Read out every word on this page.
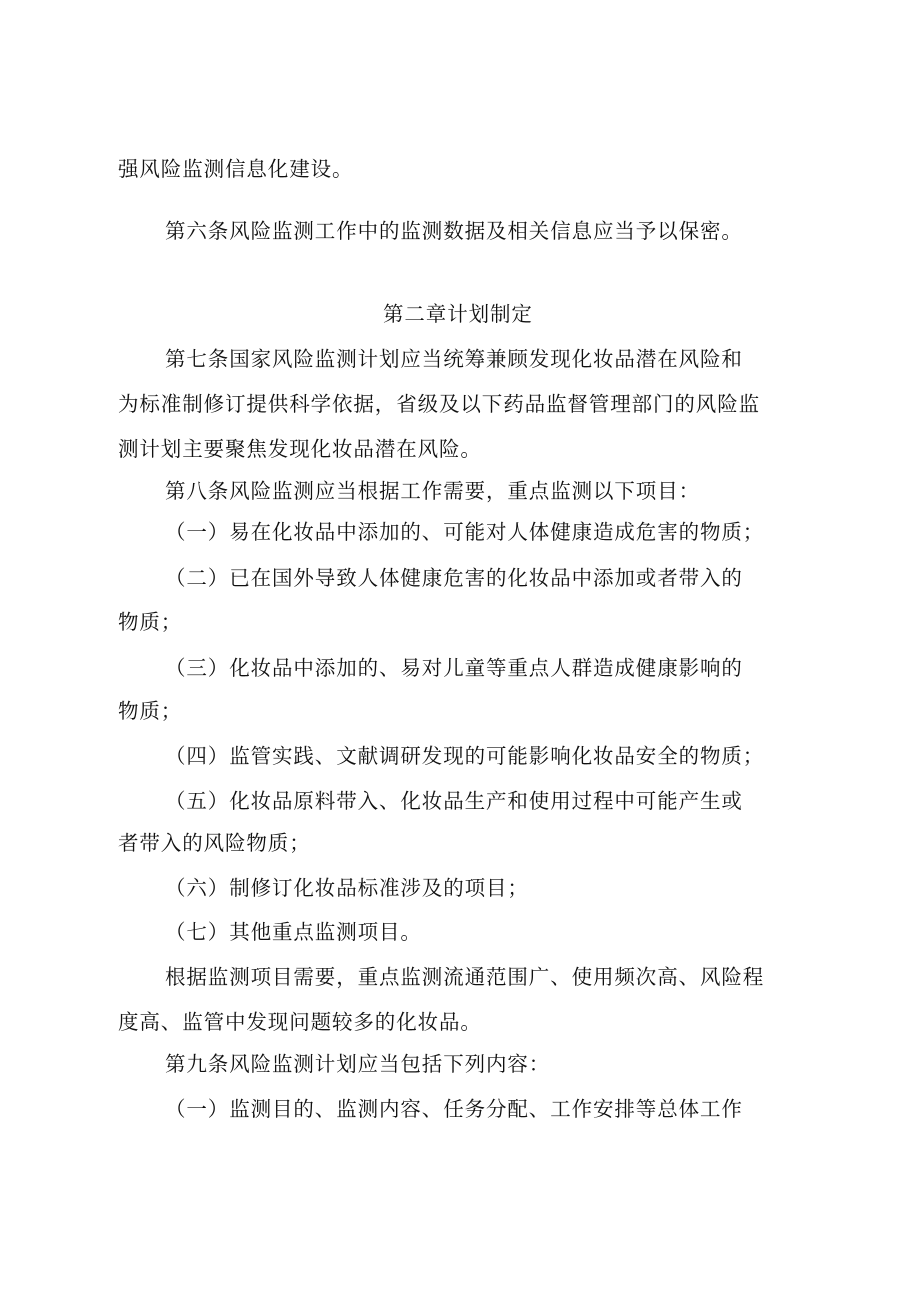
强风险监测信息化建设。
第六条风险监测工作中的监测数据及相关信息应当予以保密。
第二章计划制定
第七条国家风险监测计划应当统筹兼顾发现化妆品潜在风险和
为标准制修订提供科学依据，省级及以下药品监督管理部门的风险监
测计划主要聚焦发现化妆品潜在风险。
第八条风险监测应当根据工作需要，重点监测以下项目：
（一）易在化妆品中添加的、可能对人体健康造成危害的物质；
（二）已在国外导致人体健康危害的化妆品中添加或者带入的
物质；
（三）化妆品中添加的、易对儿童等重点人群造成健康影响的
物质；
（四）监管实践、文献调研发现的可能影响化妆品安全的物质；
（五）化妆品原料带入、化妆品生产和使用过程中可能产生或
者带入的风险物质；
（六）制修订化妆品标准涉及的项目；
（七）其他重点监测项目。
根据监测项目需要，重点监测流通范围广、使用频次高、风险程
度高、监管中发现问题较多的化妆品。
第九条风险监测计划应当包括下列内容：
（一）监测目的、监测内容、任务分配、工作安排等总体工作
